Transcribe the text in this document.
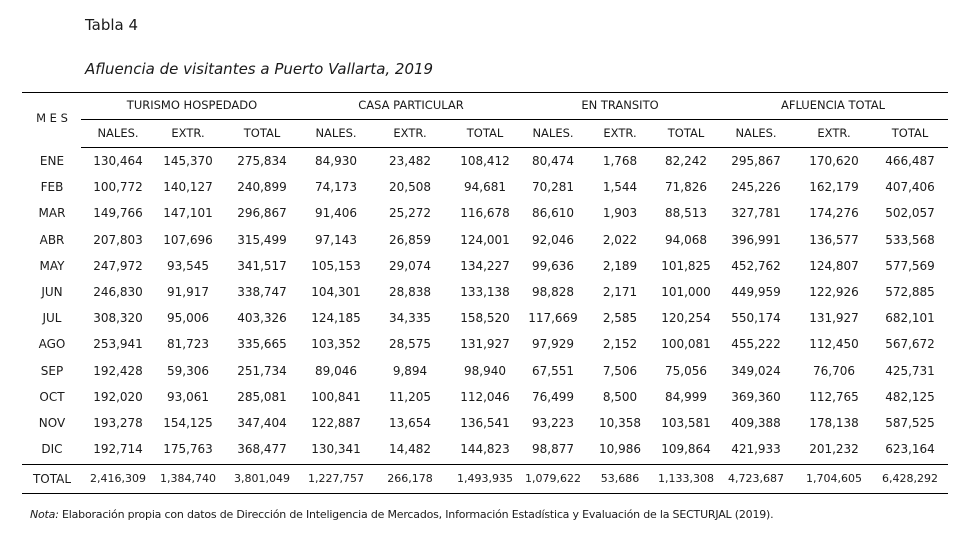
Tabla 4
Afluencia de visitantes a Puerto Vallarta, 2019
M E S
TURISMO HOSPEDADO	CASA PARTICULAR	EN TRANSITO	AFLUENCIA TOTAL
NALES.	EXTR.	TOTAL	NALES.	EXTR.	TOTAL	NALES.	EXTR.	TOTAL	NALES.	EXTR.	TOTAL
ENE	130,464	145,370	275,834	84,930	23,482	108,412	80,474	1,768	82,242	295,867	170,620	466,487
FEB	100,772	140,127	240,899	74,173	20,508	94,681	70,281	1,544	71,826	245,226	162,179	407,406
MAR	149,766	147,101	296,867	91,406	25,272	116,678	86,610	1,903	88,513	327,781	174,276	502,057
ABR	207,803	107,696	315,499	97,143	26,859	124,001	92,046	2,022	94,068	396,991	136,577	533,568
MAY	247,972	93,545	341,517	105,153	29,074	134,227	99,636	2,189	101,825	452,762	124,807	577,569
JUN	246,830	91,917	338,747	104,301	28,838	133,138	98,828	2,171	101,000	449,959	122,926	572,885
JUL	308,320	95,006	403,326	124,185	34,335	158,520	117,669	2,585	120,254	550,174	131,927	682,101
AGO	253,941	81,723	335,665	103,352	28,575	131,927	97,929	2,152	100,081	455,222	112,450	567,672
SEP	192,428	59,306	251,734	89,046	9,894	98,940	67,551	7,506	75,056	349,024	76,706	425,731
OCT	192,020	93,061	285,081	100,841	11,205	112,046	76,499	8,500	84,999	369,360	112,765	482,125
NOV	193,278	154,125	347,404	122,887	13,654	136,541	93,223	10,358	103,581	409,388	178,138	587,525
DIC	192,714	175,763	368,477	130,341	14,482	144,823	98,877	10,986	109,864	421,933	201,232	623,164
TOTAL	2,416,309	1,384,740	3,801,049	1,227,757	266,178	1,493,935	1,079,622	53,686	1,133,308	4,723,687	1,704,605	6,428,292
Nota: Elaboración propia con datos de Dirección de Inteligencia de Mercados, Información Estadística y Evaluación de la SECTURJAL (2019).
